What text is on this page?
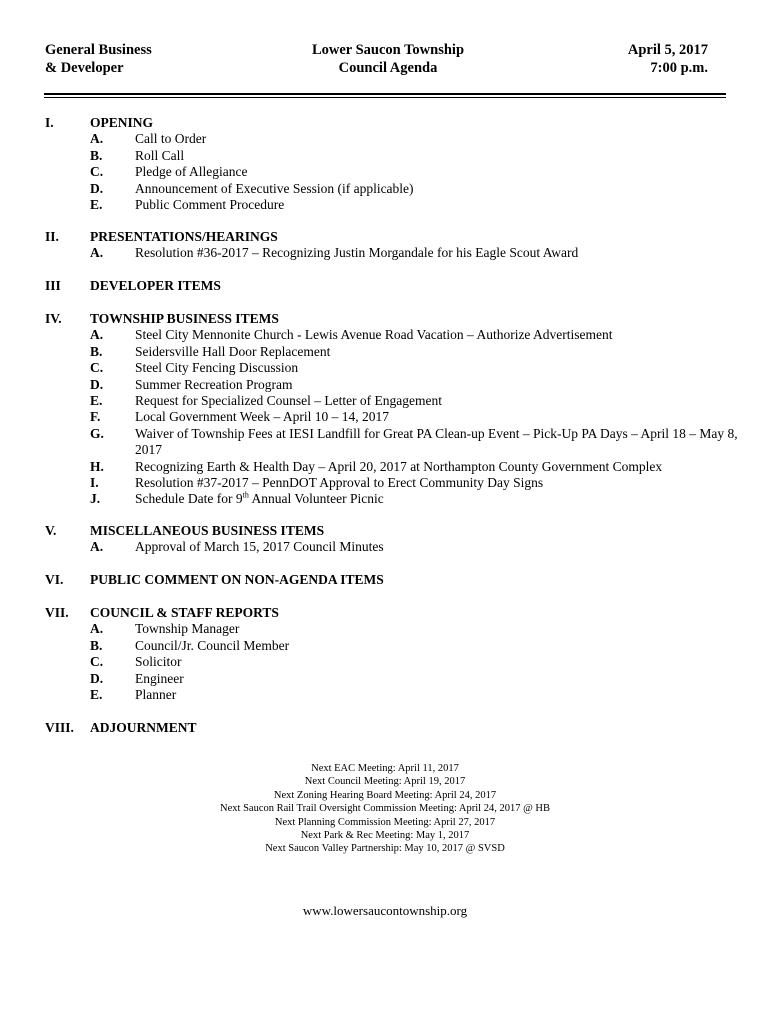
General Business
& Developer
Lower Saucon Township
Council Agenda
April 5, 2017
7:00 p.m.
I.	OPENING
A. Call to Order
B. Roll Call
C. Pledge of Allegiance
D. Announcement of Executive Session (if applicable)
E. Public Comment Procedure
II. PRESENTATIONS/HEARINGS
A. Resolution #36-2017 – Recognizing Justin Morgandale for his Eagle Scout Award
III DEVELOPER ITEMS
IV. TOWNSHIP BUSINESS ITEMS
A. Steel City Mennonite Church - Lewis Avenue Road Vacation – Authorize Advertisement
B. Seidersville Hall Door Replacement
C. Steel City Fencing Discussion
D. Summer Recreation Program
E. Request for Specialized Counsel – Letter of Engagement
F.	Local Government Week – April 10 – 14, 2017
G. Waiver of Township Fees at IESI Landfill for Great PA Clean-up Event – Pick-Up PA Days – April 18 – May 8, 2017
H. Recognizing Earth & Health Day – April 20, 2017 at Northampton County Government Complex
I.	Resolution #37-2017 – PennDOT Approval to Erect Community Day Signs
J.	Schedule Date for 9th Annual Volunteer Picnic
V. MISCELLANEOUS BUSINESS ITEMS
A. Approval of March 15, 2017 Council Minutes
VI. PUBLIC COMMENT ON NON-AGENDA ITEMS
VII. COUNCIL & STAFF REPORTS
A. Township Manager
B. Council/Jr. Council Member
C. Solicitor
D. Engineer
E. Planner
VIII. ADJOURNMENT
Next EAC Meeting: April 11, 2017
Next Council Meeting: April 19, 2017
Next Zoning Hearing Board Meeting: April 24, 2017
Next Saucon Rail Trail Oversight Commission Meeting: April 24, 2017 @ HB
Next Planning Commission Meeting: April 27, 2017
Next Park & Rec Meeting: May 1, 2017
Next Saucon Valley Partnership: May 10, 2017 @ SVSD
www.lowersaucontownship.org
